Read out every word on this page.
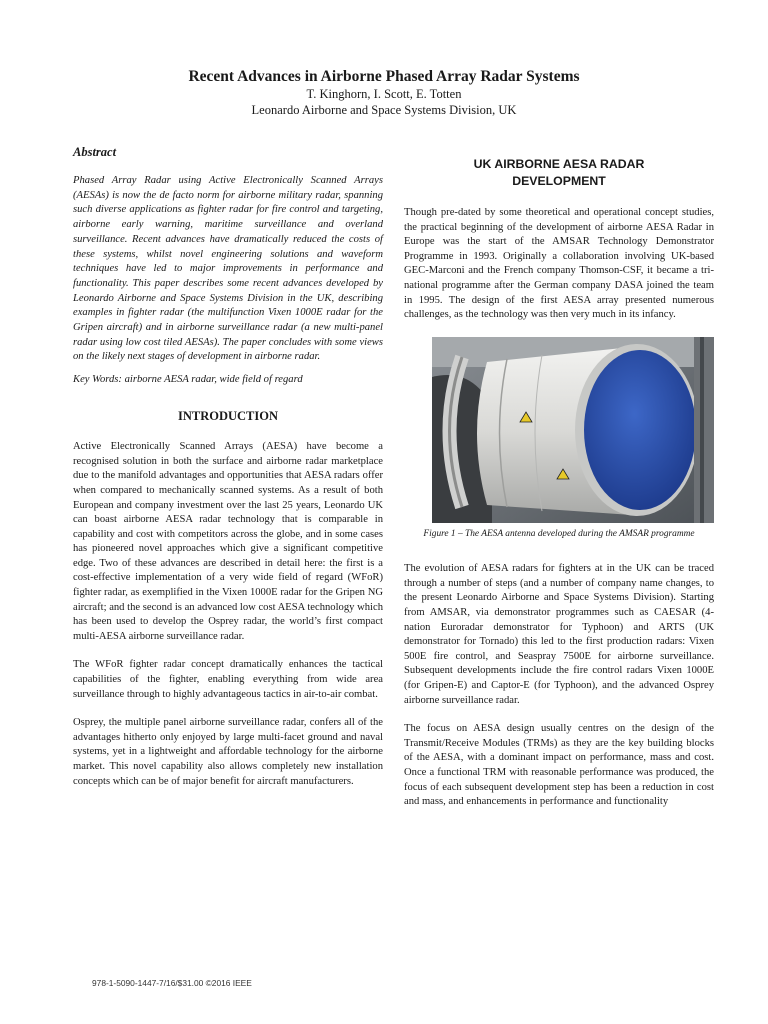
Recent Advances in Airborne Phased Array Radar Systems
T. Kinghorn, I. Scott, E. Totten
Leonardo Airborne and Space Systems Division, UK

Abstract

Phased Array Radar using Active Electronically Scanned Arrays (AESAs) is now the de facto norm for airborne military radar, spanning such diverse applications as fighter radar for fire control and targeting, airborne early warning, maritime surveillance and overland surveillance. Recent advances have dramatically reduced the costs of these systems, whilst novel engineering solutions and waveform techniques have led to major improvements in performance and functionality. This paper describes some recent advances developed by Leonardo Airborne and Space Systems Division in the UK, describing examples in fighter radar (the multifunction Vixen 1000E radar for the Gripen aircraft) and in airborne surveillance radar (a new multi-panel radar using low cost tiled AESAs). The paper concludes with some views on the likely next stages of development in airborne radar.

Key Words: airborne AESA radar, wide field of regard

INTRODUCTION

Active Electronically Scanned Arrays (AESA) have become a recognised solution in both the surface and airborne radar marketplace due to the manifold advantages and opportunities that AESA radars offer when compared to mechanically scanned systems. As a result of both European and company investment over the last 25 years, Leonardo UK can boast airborne AESA radar technology that is comparable in capability and cost with competitors across the globe, and in some cases has pioneered novel approaches which give a significant competitive edge. Two of these advances are described in detail here: the first is a cost-effective implementation of a very wide field of regard (WFoR) fighter radar, as exemplified in the Vixen 1000E radar for the Gripen NG aircraft; and the second is an advanced low cost AESA technology which has been used to develop the Osprey radar, the world’s first compact multi-AESA airborne surveillance radar.

The WFoR fighter radar concept dramatically enhances the tactical capabilities of the fighter, enabling everything from wide area surveillance through to highly advantageous tactics in air-to-air combat.

Osprey, the multiple panel airborne surveillance radar, confers all of the advantages hitherto only enjoyed by large multi-facet ground and naval systems, yet in a lightweight and affordable technology for the airborne market. This novel capability also allows completely new installation concepts which can be of major benefit for aircraft manufacturers.

UK AIRBORNE AESA RADAR
DEVELOPMENT

Though pre-dated by some theoretical and operational concept studies, the practical beginning of the development of airborne AESA Radar in Europe was the start of the AMSAR Technology Demonstrator Programme in 1993. Originally a collaboration involving UK-based GEC-Marconi and the French company Thomson-CSF, it became a tri-national programme after the German company DASA joined the team in 1995. The design of the first AESA array presented numerous challenges, as the technology was then very much in its infancy.

Figure 1 – The AESA antenna developed during the AMSAR programme

The evolution of AESA radars for fighters at in the UK can be traced through a number of steps (and a number of company name changes, to the present Leonardo Airborne and Space Systems Division). Starting from AMSAR, via demonstrator programmes such as CAESAR (4-nation Euroradar demonstrator for Typhoon) and ARTS (UK demonstrator for Tornado) this led to the first production radars: Vixen 500E fire control, and Seaspray 7500E for airborne surveillance. Subsequent developments include the fire control radars Vixen 1000E (for Gripen-E) and Captor-E (for Typhoon), and the advanced Osprey airborne surveillance radar.

The focus on AESA design usually centres on the design of the Transmit/Receive Modules (TRMs) as they are the key building blocks of the AESA, with a dominant impact on performance, mass and cost. Once a functional TRM with reasonable performance was produced, the focus of each subsequent development step has been a reduction in cost and mass, and enhancements in performance and functionality

978-1-5090-1447-7/16/$31.00 ©2016 IEEE
